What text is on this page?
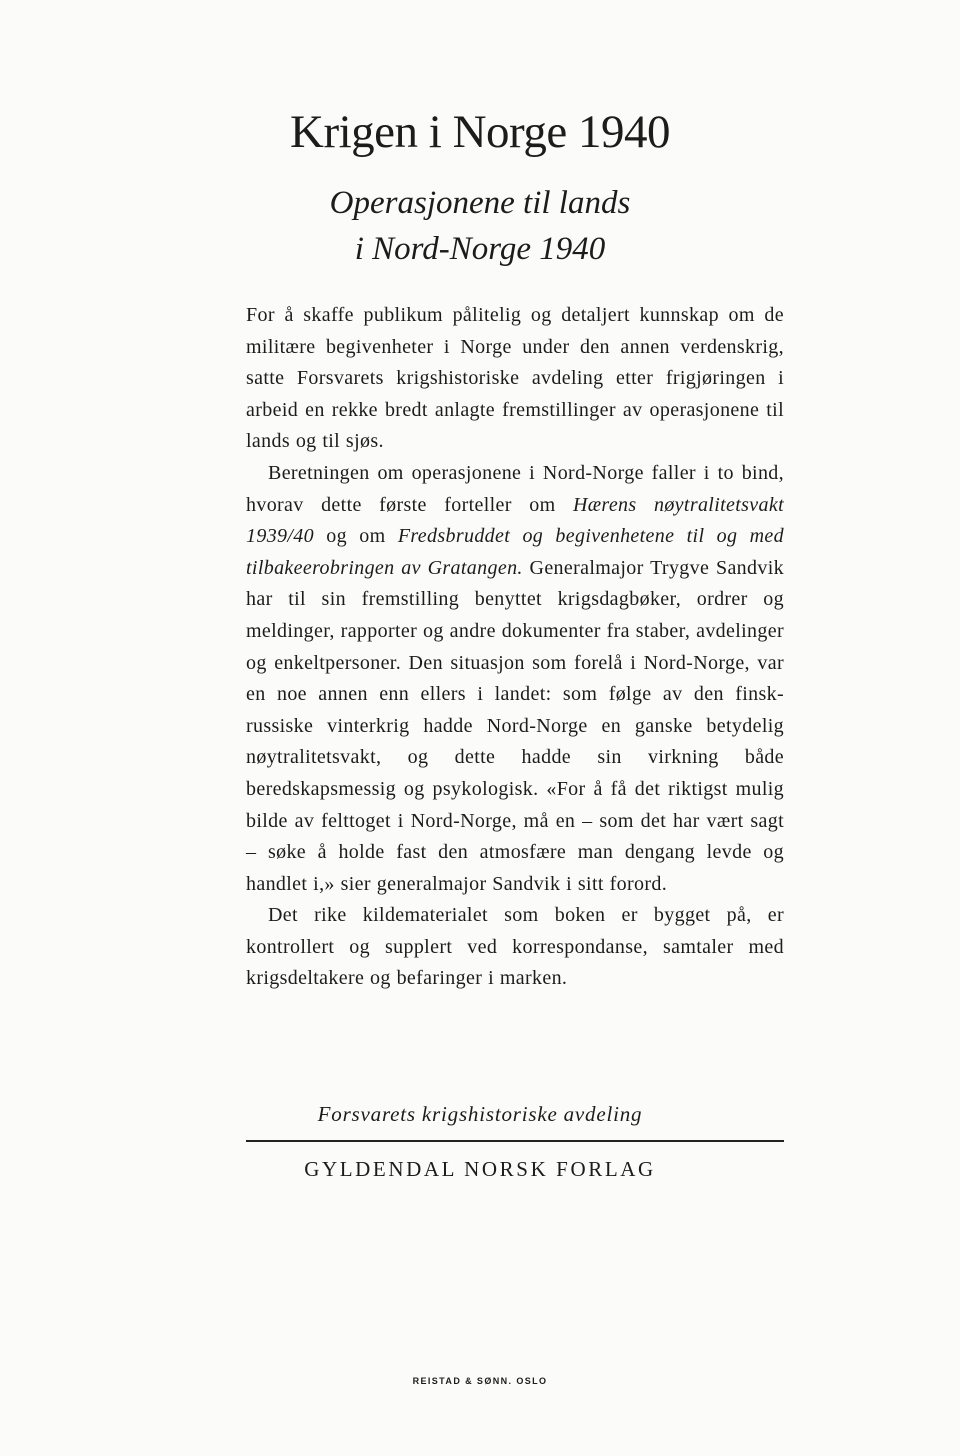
Krigen i Norge 1940
Operasjonene til lands
i Nord-Norge 1940

For å skaffe publikum pålitelig og detaljert kunnskap om de militære begivenheter i Norge under den annen verdenskrig, satte Forsvarets krigshistoriske avdeling etter frigjøringen i arbeid en rekke bredt anlagte fremstillinger av operasjonene til lands og til sjøs.

Beretningen om operasjonene i Nord-Norge faller i to bind, hvorav dette første forteller om Hærens nøytralitetsvakt 1939/40 og om Fredsbruddet og begivenhetene til og med tilbakeerobringen av Gratangen. Generalmajor Trygve Sandvik har til sin fremstilling benyttet krigsdagbøker, ordrer og meldinger, rapporter og andre dokumenter fra staber, avdelinger og enkeltpersoner. Den situasjon som forelå i Nord-Norge, var en noe annen enn ellers i landet: som følge av den finsk-russiske vinterkrig hadde Nord-Norge en ganske betydelig nøytralitetsvakt, og dette hadde sin virkning både beredskapsmessig og psykologisk. «For å få det riktigst mulig bilde av felttoget i Nord-Norge, må en – som det har vært sagt – søke å holde fast den atmosfære man dengang levde og handlet i,» sier generalmajor Sandvik i sitt forord.

Det rike kildematerialet som boken er bygget på, er kontrollert og supplert ved korrespondanse, samtaler med krigsdeltakere og befaringer i marken.

Forsvarets krigshistoriske avdeling
GYLDENDAL NORSK FORLAG
REISTAD & SØNN. OSLO
